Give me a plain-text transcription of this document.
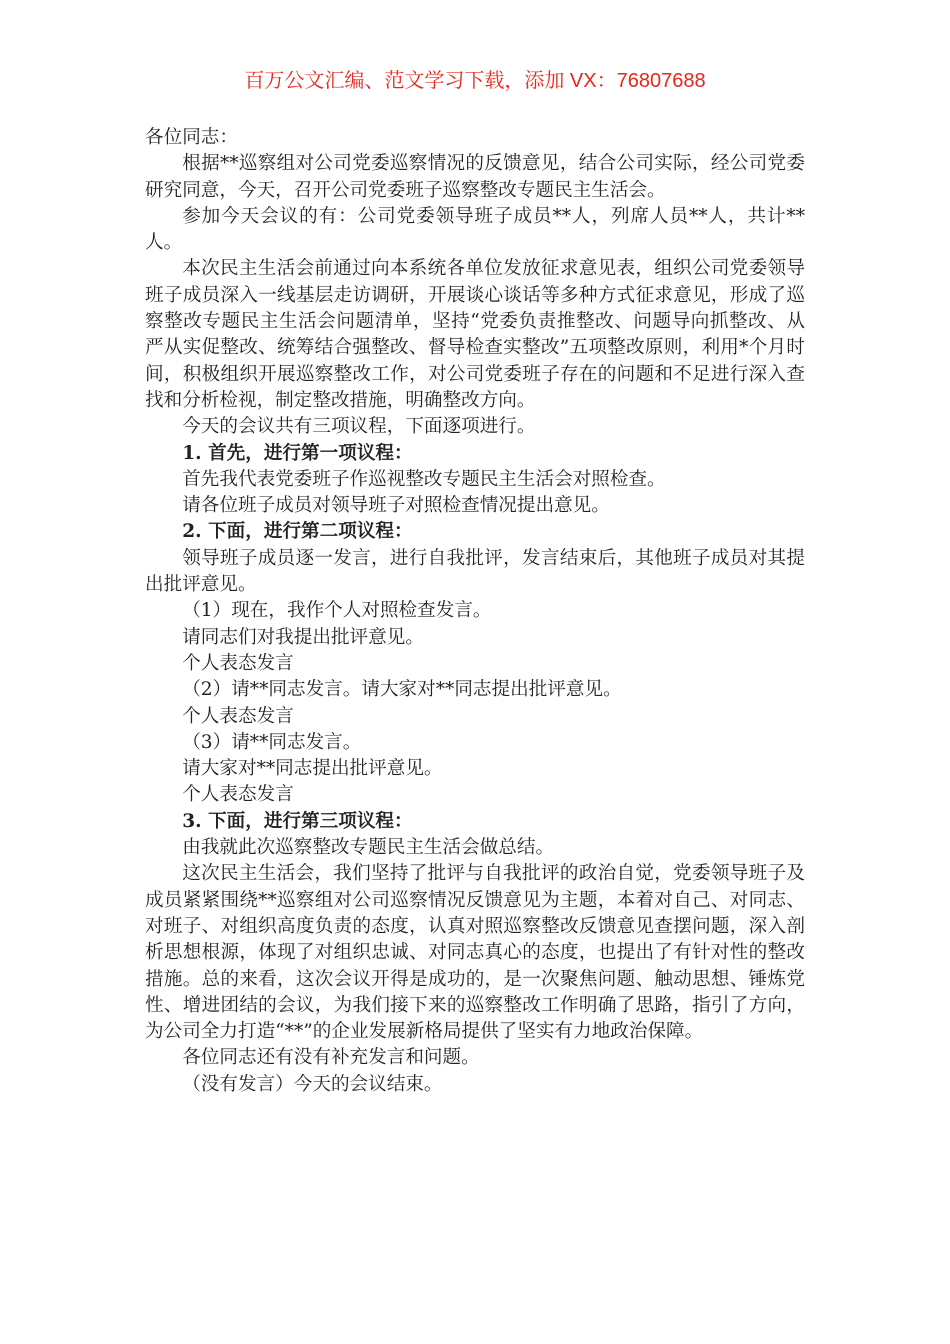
百万公文汇编、范文学习下载，添加 VX：76807688

各位同志：

根据**巡察组对公司党委巡察情况的反馈意见，结合公司实际，经公司党委研究同意，今天，召开公司党委班子巡察整改专题民主生活会。

参加今天会议的有：公司党委领导班子成员**人，列席人员**人，共计**人。

本次民主生活会前通过向本系统各单位发放征求意见表，组织公司党委领导班子成员深入一线基层走访调研，开展谈心谈话等多种方式征求意见，形成了巡察整改专题民主生活会问题清单，坚持“党委负责推整改、问题导向抓整改、从严从实促整改、统筹结合强整改、督导检查实整改”五项整改原则，利用*个月时间，积极组织开展巡察整改工作，对公司党委班子存在的问题和不足进行深入查找和分析检视，制定整改措施，明确整改方向。

今天的会议共有三项议程，下面逐项进行。

1. 首先，进行第一项议程：

首先我代表党委班子作巡视整改专题民主生活会对照检查。

请各位班子成员对领导班子对照检查情况提出意见。

2. 下面，进行第二项议程：

领导班子成员逐一发言，进行自我批评，发言结束后，其他班子成员对其提出批评意见。

（1）现在，我作个人对照检查发言。

请同志们对我提出批评意见。

个人表态发言

（2）请**同志发言。请大家对**同志提出批评意见。

个人表态发言

（3）请**同志发言。

请大家对**同志提出批评意见。

个人表态发言

3. 下面，进行第三项议程：

由我就此次巡察整改专题民主生活会做总结。

这次民主生活会，我们坚持了批评与自我批评的政治自觉，党委领导班子及成员紧紧围绕**巡察组对公司巡察情况反馈意见为主题，本着对自己、对同志、对班子、对组织高度负责的态度，认真对照巡察整改反馈意见查摆问题，深入剖析思想根源，体现了对组织忠诚、对同志真心的态度，也提出了有针对性的整改措施。总的来看，这次会议开得是成功的，是一次聚焦问题、触动思想、锤炼党性、增进团结的会议，为我们接下来的巡察整改工作明确了思路，指引了方向，为公司全力打造“**”的企业发展新格局提供了坚实有力地政治保障。

各位同志还有没有补充发言和问题。

（没有发言）今天的会议结束。
